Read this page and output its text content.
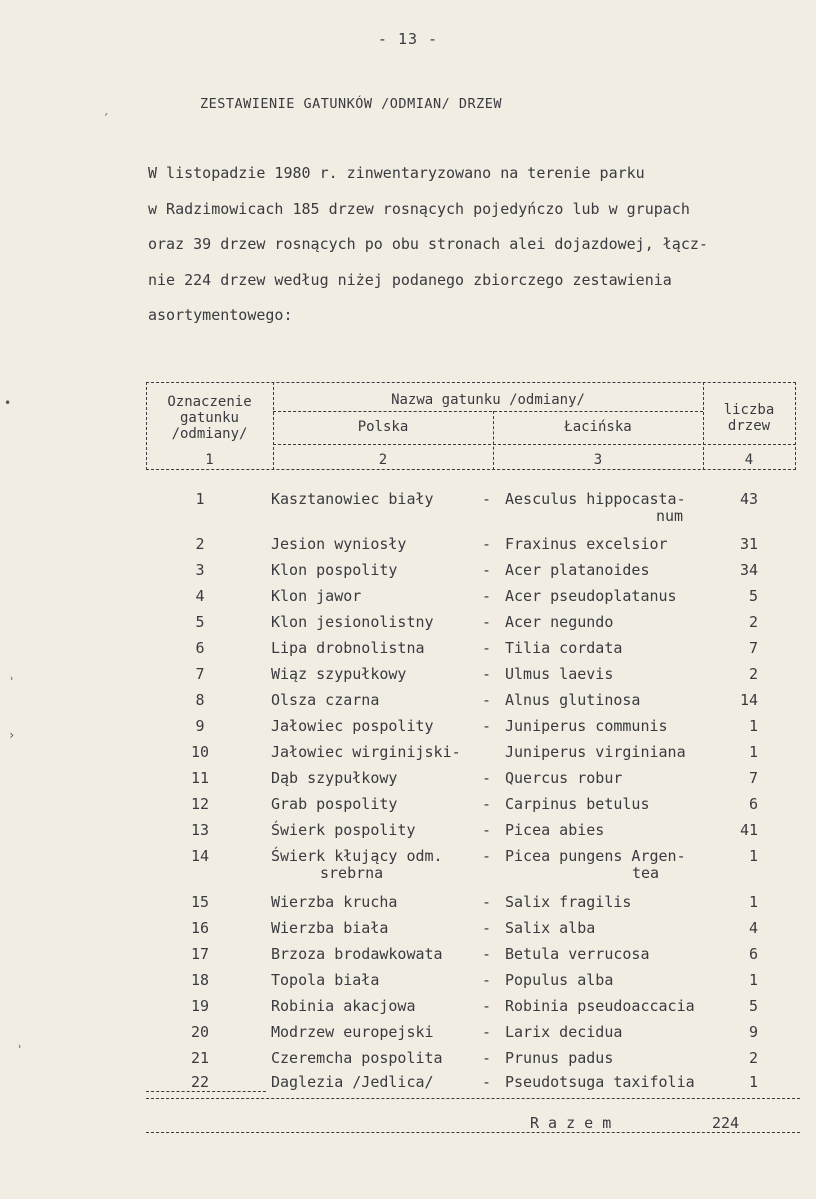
- 13 -
ZESTAWIENIE GATUNKÓW /ODMIAN/ DRZEW
W listopadzie 1980 r. zinwentaryzowano na terenie parku
w Radzimowicach 185 drzew rosnących pojedyńczo lub w grupach
oraz 39 drzew rosnących po obu stronach alei dojazdowej, łącz-
nie 224 drzew według niżej podanego zbiorczego zestawienia
asortymentowego:
Oznaczenie
gatunku
/odmiany/
Nazwa gatunku /odmiany/
Polska	Łacińska
liczba
drzew
1	2	3	4
1	Kasztanowiec biały	- Aesculus hippocasta-	43
num
2	Jesion wyniosły	- Fraxinus excelsior	31
3	Klon pospolity	- Acer platanoides	34
4	Klon jawor	- Acer pseudoplatanus	5
5	Klon jesionolistny	- Acer negundo	2
6	Lipa drobnolistna	- Tilia cordata	7
7	Wiąz szypułkowy	- Ulmus laevis	2
8	Olsza czarna	- Alnus glutinosa	14
9	Jałowiec pospolity	- Juniperus communis	1
10	Jałowiec wirginijski-	Juniperus virginiana	1
11	Dąb szypułkowy	- Quercus robur	7
12	Grab pospolity	- Carpinus betulus	6
13	Świerk pospolity	- Picea abies	41
14	Świerk kłujący odm.	- Picea pungens Argen-	1
srebrna	tea
15	Wierzba krucha	- Salix fragilis	1
16	Wierzba biała	- Salix alba	4
17	Brzoza brodawkowata	- Betula verrucosa	6
18	Topola biała	- Populus alba	1
19	Robinia akacjowa	- Robinia pseudoaccacia	5
20	Modrzew europejski	- Larix decidua	9
21	Czeremcha pospolita	- Prunus padus	2
22	Daglezia /Jedlica/	- Pseudotsuga taxifolia	1
R a z e m	224
´
•
˒
›
˒
